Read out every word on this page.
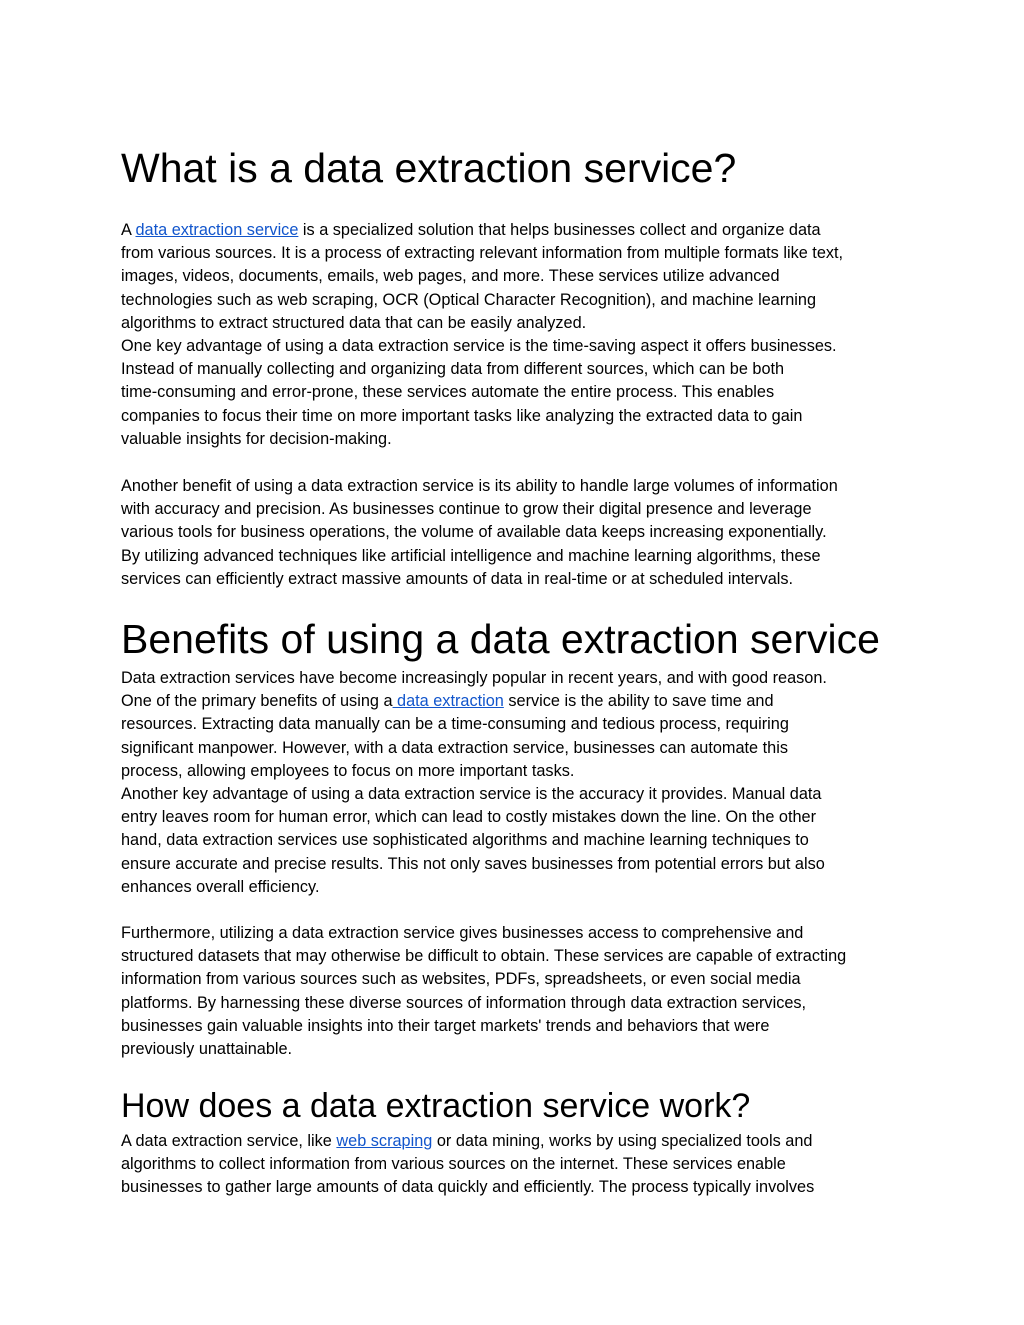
What is a data extraction service?
A data extraction service is a specialized solution that helps businesses collect and organize data
from various sources. It is a process of extracting relevant information from multiple formats like text,
images, videos, documents, emails, web pages, and more. These services utilize advanced
technologies such as web scraping, OCR (Optical Character Recognition), and machine learning
algorithms to extract structured data that can be easily analyzed.
One key advantage of using a data extraction service is the time-saving aspect it offers businesses.
Instead of manually collecting and organizing data from different sources, which can be both
time-consuming and error-prone, these services automate the entire process. This enables
companies to focus their time on more important tasks like analyzing the extracted data to gain
valuable insights for decision-making.
Another benefit of using a data extraction service is its ability to handle large volumes of information
with accuracy and precision. As businesses continue to grow their digital presence and leverage
various tools for business operations, the volume of available data keeps increasing exponentially.
By utilizing advanced techniques like artificial intelligence and machine learning algorithms, these
services can efficiently extract massive amounts of data in real-time or at scheduled intervals.
Benefits of using a data extraction service
Data extraction services have become increasingly popular in recent years, and with good reason.
One of the primary benefits of using a data extraction service is the ability to save time and
resources. Extracting data manually can be a time-consuming and tedious process, requiring
significant manpower. However, with a data extraction service, businesses can automate this
process, allowing employees to focus on more important tasks.
Another key advantage of using a data extraction service is the accuracy it provides. Manual data
entry leaves room for human error, which can lead to costly mistakes down the line. On the other
hand, data extraction services use sophisticated algorithms and machine learning techniques to
ensure accurate and precise results. This not only saves businesses from potential errors but also
enhances overall efficiency.
Furthermore, utilizing a data extraction service gives businesses access to comprehensive and
structured datasets that may otherwise be difficult to obtain. These services are capable of extracting
information from various sources such as websites, PDFs, spreadsheets, or even social media
platforms. By harnessing these diverse sources of information through data extraction services,
businesses gain valuable insights into their target markets' trends and behaviors that were
previously unattainable.
How does a data extraction service work?
A data extraction service, like web scraping or data mining, works by using specialized tools and
algorithms to collect information from various sources on the internet. These services enable
businesses to gather large amounts of data quickly and efficiently. The process typically involves
